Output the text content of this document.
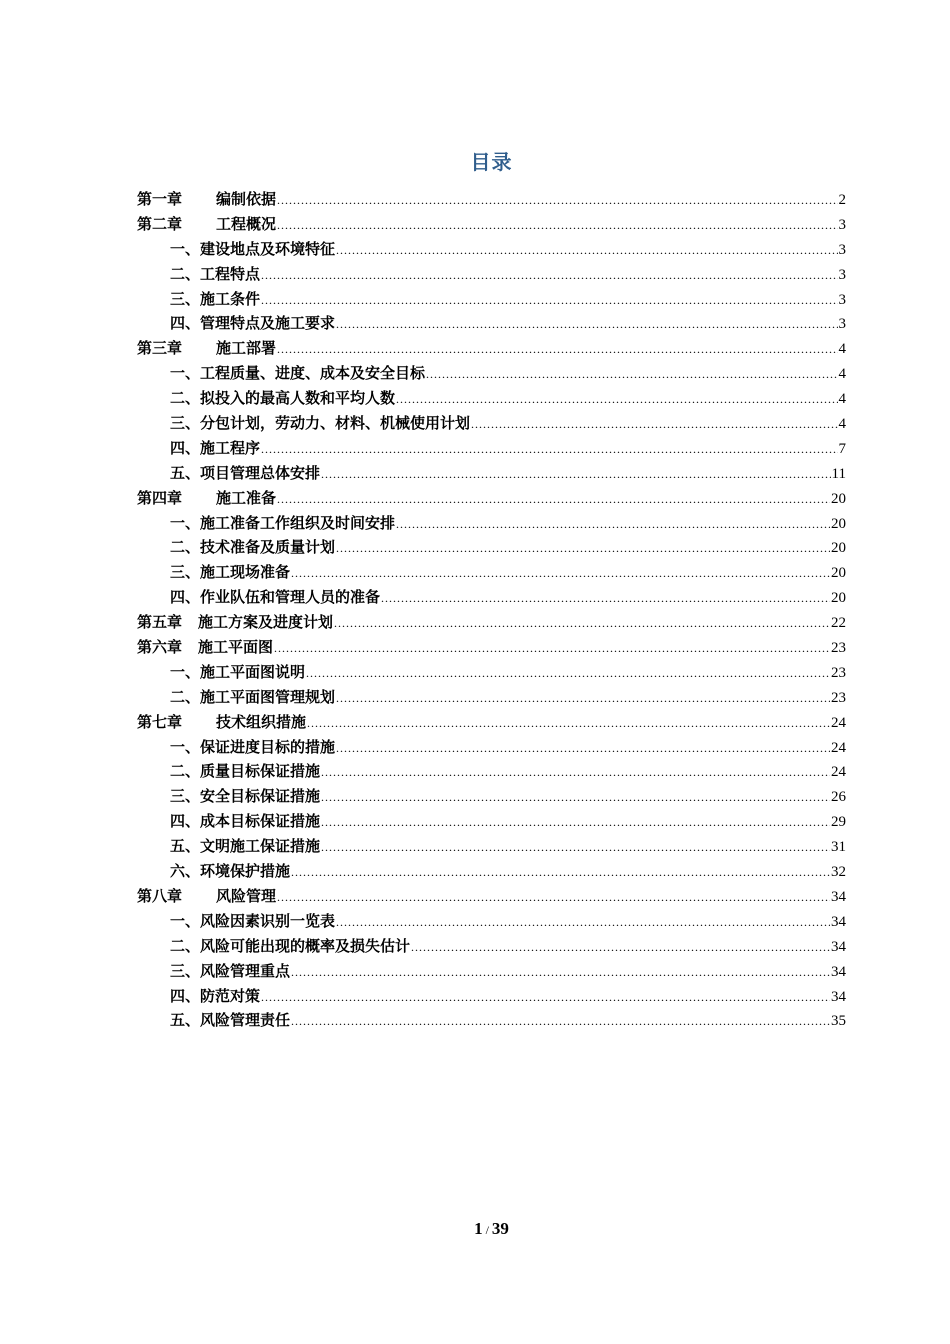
目录
第一章 编制依据 .....	2
第二章 工程概况 .....	3
一、建设地点及环境特征 .....	3
二、工程特点 .....	3
三、施工条件 .....	3
四、管理特点及施工要求 .....	3
第三章 施工部署 .....	4
一、工程质量、进度、成本及安全目标 .....	4
二、拟投入的最高人数和平均人数 .....	4
三、分包计划，劳动力、材料、机械使用计划 .....	4
四、施工程序 .....	7
五、项目管理总体安排 .....	11
第四章 施工准备 .....	20
一、施工准备工作组织及时间安排 .....	20
二、技术准备及质量计划 .....	20
三、施工现场准备 .....	20
四、作业队伍和管理人员的准备 .....	20
第五章 施工方案及进度计划 .....	22
第六章 施工平面图 .....	23
一、施工平面图说明 .....	23
二、施工平面图管理规划 .....	23
第七章 技术组织措施 .....	24
一、保证进度目标的措施 .....	24
二、质量目标保证措施 .....	24
三、安全目标保证措施 .....	26
四、成本目标保证措施 .....	29
五、文明施工保证措施 .....	31
六、环境保护措施 .....	32
第八章 风险管理 .....	34
一、风险因素识别一览表 .....	34
二、风险可能出现的概率及损失估计 .....	34
三、风险管理重点 .....	34
四、防范对策 .....	34
五、风险管理责任 .....	35
1 / 39
